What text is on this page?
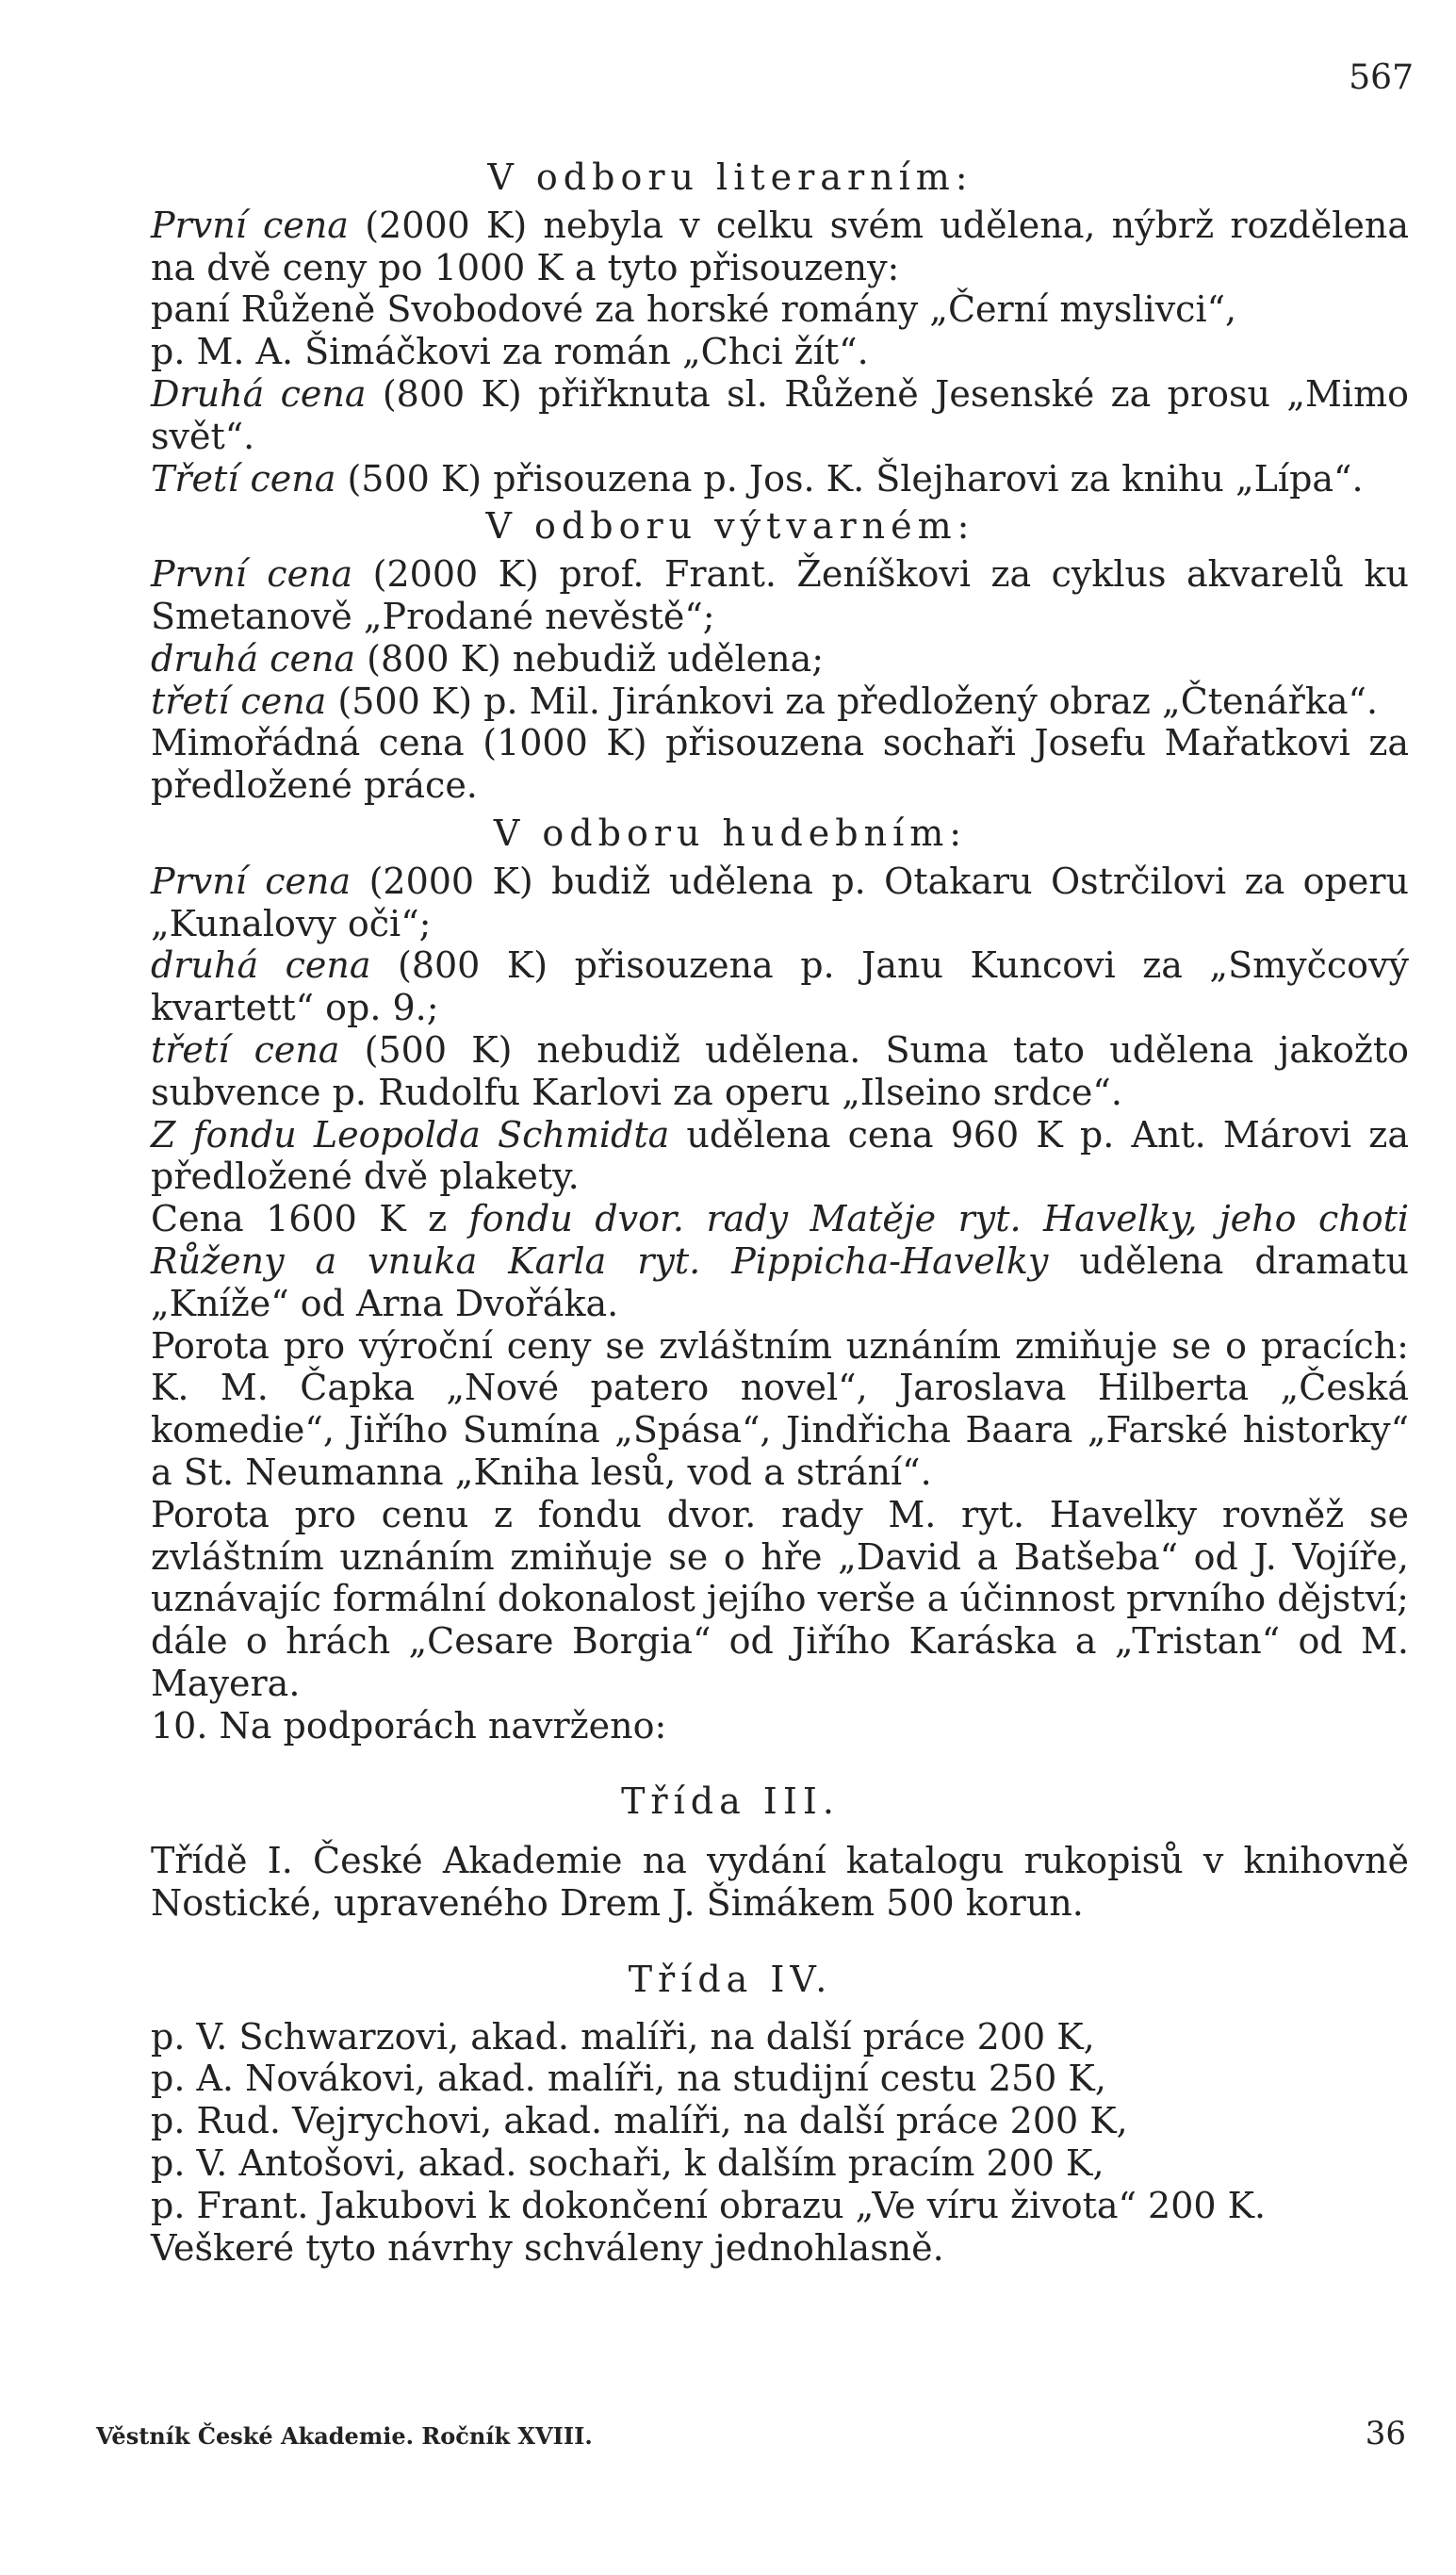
567

V odboru literarním:

První cena (2000 K) nebyla v celku svém udělena, nýbrž rozdělena na dvě ceny po 1000 K a tyto přisouzeny:

paní Růženě Svobodové za horské romány „Černí myslivci“,

p. M. A. Šimáčkovi za román „Chci žít“.

Druhá cena (800 K) přiřknuta sl. Růženě Jesenské za prosu „Mimo svět“.

Třetí cena (500 K) přisouzena p. Jos. K. Šlejharovi za knihu „Lípa“.

V odboru výtvarném:

První cena (2000 K) prof. Frant. Ženíškovi za cyklus akvarelů ku Smetanově „Prodané nevěstě“;

druhá cena (800 K) nebudiž udělena;

třetí cena (500 K) p. Mil. Jiránkovi za předložený obraz „Čtenářka“.

Mimořádná cena (1000 K) přisouzena sochaři Josefu Mařatkovi za předložené práce.

V odboru hudebním:

První cena (2000 K) budiž udělena p. Otakaru Ostrčilovi za operu „Kunalovy oči“;

druhá cena (800 K) přisouzena p. Janu Kuncovi za „Smyčcový kvartett“ op. 9.;

třetí cena (500 K) nebudiž udělena. Suma tato udělena jakožto subvence p. Rudolfu Karlovi za operu „Ilseino srdce“.

Z fondu Leopolda Schmidta udělena cena 960 K p. Ant. Márovi za předložené dvě plakety.

Cena 1600 K z fondu dvor. rady Matěje ryt. Havelky, jeho choti Růženy a vnuka Karla ryt. Pippicha-Havelky udělena dramatu „Kníže“ od Arna Dvořáka.

Porota pro výroční ceny se zvláštním uznáním zmiňuje se o pracích: K. M. Čapka „Nové patero novel“, Jaroslava Hilberta „Česká komedie“, Jiřího Sumína „Spása“, Jindřicha Baara „Farské historky“ a St. Neumanna „Kniha lesů, vod a strání“.

Porota pro cenu z fondu dvor. rady M. ryt. Havelky rovněž se zvláštním uznáním zmiňuje se o hře „David a Batšeba“ od J. Vojíře, uznávajíc formální dokonalost jejího verše a účinnost prvního dějství; dále o hrách „Cesare Borgia“ od Jiřího Karáska a „Tristan“ od M. Mayera.

10. Na podporách navrženo:

Třída III.

Třídě I. České Akademie na vydání katalogu rukopisů v knihovně Nostické, upraveného Drem J. Šimákem 500 korun.

Třída IV.

p. V. Schwarzovi, akad. malíři, na další práce 200 K,

p. A. Novákovi, akad. malíři, na studijní cestu 250 K,

p. Rud. Vejrychovi, akad. malíři, na další práce 200 K,

p. V. Antošovi, akad. sochaři, k dalším pracím 200 K,

p. Frant. Jakubovi k dokončení obrazu „Ve víru života“ 200 K.

Veškeré tyto návrhy schváleny jednohlasně.

Věstník České Akademie. Ročník XVIII.	36
